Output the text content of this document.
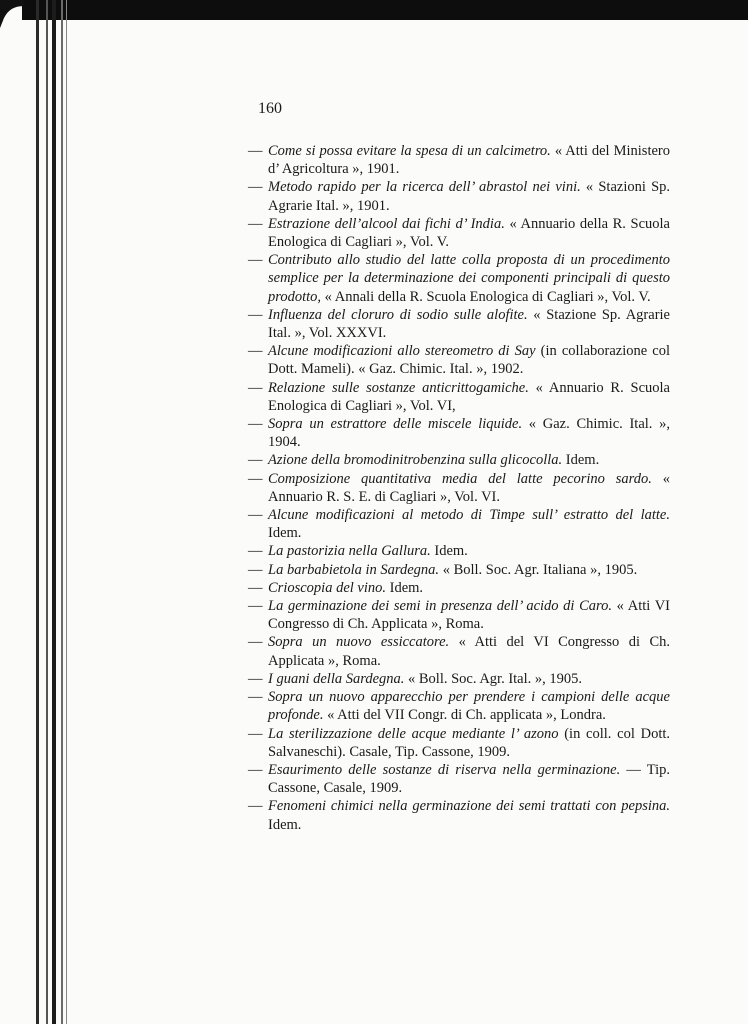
160
— Come si possa evitare la spesa di un calcimetro. « Atti del Ministero d’ Agricoltura », 1901.
— Metodo rapido per la ricerca dell’ abrastol nei vini. « Stazioni Sp. Agrarie Ital. », 1901.
— Estrazione dell’alcool dai fichi d’ India. « Annuario della R. Scuola Enologica di Cagliari », Vol. V.
— Contributo allo studio del latte colla proposta di un procedimento semplice per la determinazione dei componenti principali di questo prodotto, « Annali della R. Scuola Enologica di Cagliari », Vol. V.
— Influenza del cloruro di sodio sulle alofite. « Stazione Sp. Agrarie Ital. », Vol. XXXVI.
— Alcune modificazioni allo stereometro di Say (in collaborazione col Dott. Mameli). « Gaz. Chimic. Ital. », 1902.
— Relazione sulle sostanze anticrittogamiche. « Annuario R. Scuola Enologica di Cagliari », Vol. VI,
— Sopra un estrattore delle miscele liquide. « Gaz. Chimic. Ital. », 1904.
— Azione della bromodinitrobenzina sulla glicocolla. Idem.
— Composizione quantitativa media del latte pecorino sardo. « Annuario R. S. E. di Cagliari », Vol. VI.
— Alcune modificazioni al metodo di Timpe sull’ estratto del latte. Idem.
— La pastorizia nella Gallura. Idem.
— La barbabietola in Sardegna. « Boll. Soc. Agr. Italiana », 1905.
— Crioscopia del vino. Idem.
— La germinazione dei semi in presenza dell’ acido di Caro. « Atti VI Congresso di Ch. Applicata », Roma.
— Sopra un nuovo essiccatore. « Atti del VI Congresso di Ch. Applicata », Roma.
— I guani della Sardegna. « Boll. Soc. Agr. Ital. », 1905.
— Sopra un nuovo apparecchio per prendere i campioni delle acque profonde. « Atti del VII Congr. di Ch. applicata », Londra.
— La sterilizzazione delle acque mediante l’ azono (in coll. col Dott. Salvaneschi). Casale, Tip. Cassone, 1909.
— Esaurimento delle sostanze di riserva nella germinazione. — Tip. Cassone, Casale, 1909.
— Fenomeni chimici nella germinazione dei semi trattati con pepsina. Idem.
